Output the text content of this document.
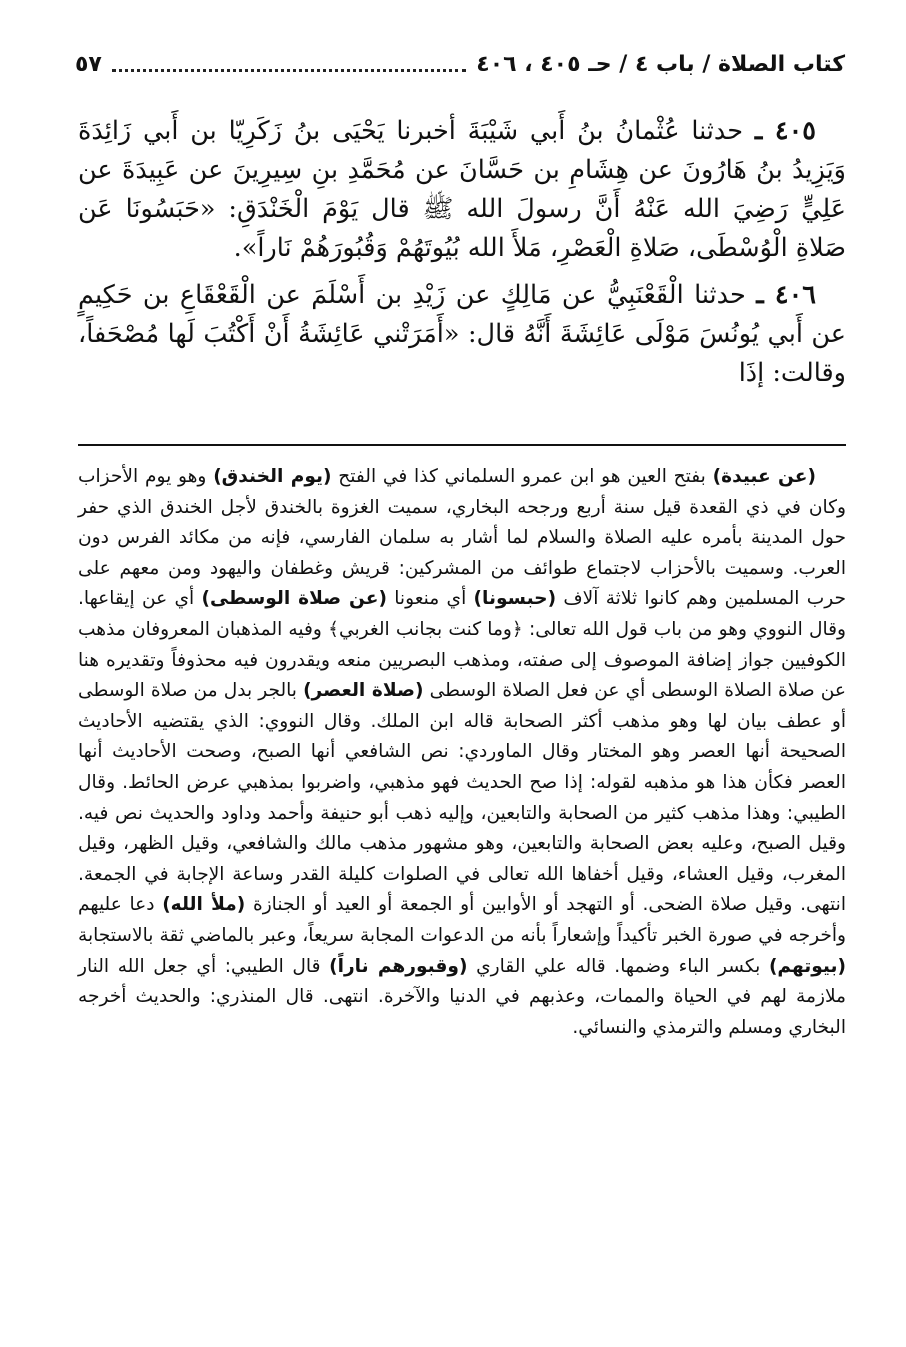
كتاب الصلاة / باب ٤ / حـ ٤٠٥ ، ٤٠٦
٥٧

٤٠٥ ـ حدثنا عُثْمانُ بنُ أَبي شَيْبَةَ أخبرنا يَحْيَى بنُ زَكَرِيّا بن أَبي زَائِدَةَ وَيَزِيدُ بنُ هَارُونَ عن هِشَامِ بن حَسَّانَ عن مُحَمَّدِ بنِ سِيرِينَ عن عَبِيدَةَ عن عَلِيٍّ رَضِيَ الله عَنْهُ أَنَّ رسولَ الله ﷺ قال يَوْمَ الْخَنْدَقِ: «حَبَسُونَا عَن صَلاةِ الْوُسْطَى، صَلاةِ الْعَصْرِ، مَلأَ الله بُيُوتَهُمْ وَقُبُورَهُمْ نَاراً».

٤٠٦ ـ حدثنا الْقَعْنَبِيُّ عن مَالِكٍ عن زَيْدِ بن أَسْلَمَ عن الْقَعْقَاعِ بن حَكِيمٍ عن أَبي يُونُسَ مَوْلَى عَائِشَةَ أَنَّهُ قال: «أَمَرَتْني عَائِشَةُ أَنْ أَكْتُبَ لَها مُصْحَفاً، وقالت: إذَا

(عن عبيدة) بفتح العين هو ابن عمرو السلماني كذا في الفتح (يوم الخندق) وهو يوم الأحزاب وكان في ذي القعدة قيل سنة أربع ورجحه البخاري، سميت الغزوة بالخندق لأجل الخندق الذي حفر حول المدينة بأمره عليه الصلاة والسلام لما أشار به سلمان الفارسي، فإنه من مكائد الفرس دون العرب. وسميت بالأحزاب لاجتماع طوائف من المشركين: قريش وغطفان واليهود ومن معهم على حرب المسلمين وهم كانوا ثلاثة آلاف (حبسونا) أي منعونا (عن صلاة الوسطى) أي عن إيقاعها. وقال النووي وهو من باب قول الله تعالى: ﴿وما كنت بجانب الغربي﴾ وفيه المذهبان المعروفان مذهب الكوفيين جواز إضافة الموصوف إلى صفته، ومذهب البصريين منعه ويقدرون فيه محذوفاً وتقديره هنا عن صلاة الصلاة الوسطى أي عن فعل الصلاة الوسطى (صلاة العصر) بالجر بدل من صلاة الوسطى أو عطف بيان لها وهو مذهب أكثر الصحابة قاله ابن الملك. وقال النووي: الذي يقتضيه الأحاديث الصحيحة أنها العصر وهو المختار وقال الماوردي: نص الشافعي أنها الصبح، وصحت الأحاديث أنها العصر فكأن هذا هو مذهبه لقوله: إذا صح الحديث فهو مذهبي، واضربوا بمذهبي عرض الحائط. وقال الطيبي: وهذا مذهب كثير من الصحابة والتابعين، وإليه ذهب أبو حنيفة وأحمد وداود والحديث نص فيه. وقيل الصبح، وعليه بعض الصحابة والتابعين، وهو مشهور مذهب مالك والشافعي، وقيل الظهر، وقيل المغرب، وقيل العشاء، وقيل أخفاها الله تعالى في الصلوات كليلة القدر وساعة الإجابة في الجمعة. انتهى. وقيل صلاة الضحى. أو التهجد أو الأوابين أو الجمعة أو العيد أو الجنازة (ملأ الله) دعا عليهم وأخرجه في صورة الخبر تأكيداً وإشعاراً بأنه من الدعوات المجابة سريعاً، وعبر بالماضي ثقة بالاستجابة (بيوتهم) بكسر الباء وضمها. قاله علي القاري (وقبورهم ناراً) قال الطيبي: أي جعل الله النار ملازمة لهم في الحياة والممات، وعذبهم في الدنيا والآخرة. انتهى. قال المنذري: والحديث أخرجه البخاري ومسلم والترمذي والنسائي.
